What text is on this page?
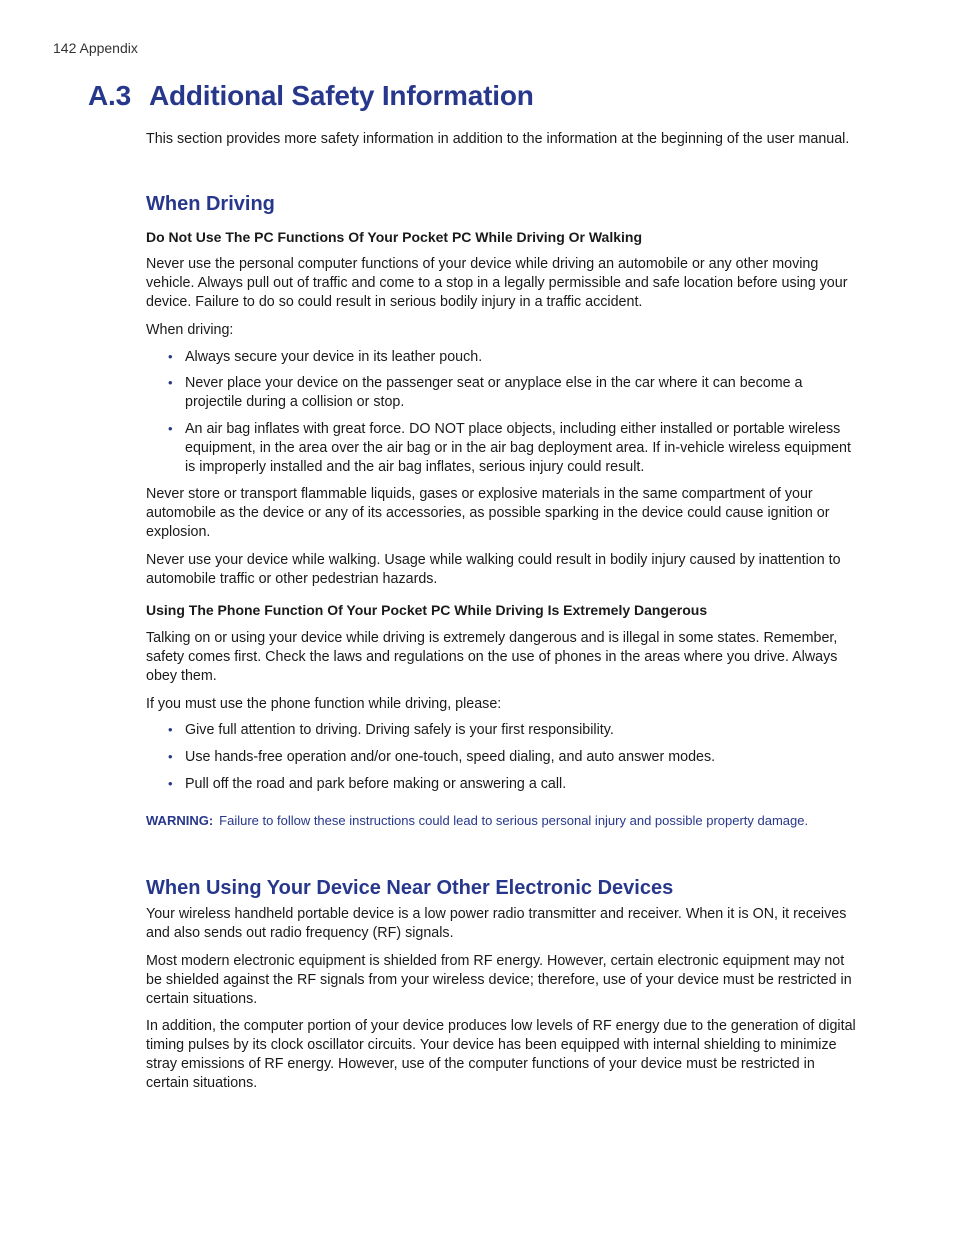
142 Appendix
A.3 Additional Safety Information

This section provides more safety information in addition to the information at the beginning of the user manual.

When Driving

Do Not Use The PC Functions Of Your Pocket PC While Driving Or Walking

Never use the personal computer functions of your device while driving an automobile or any other moving vehicle. Always pull out of traffic and come to a stop in a legally permissible and safe location before using your device. Failure to do so could result in serious bodily injury in a traffic accident.

When driving:

• Always secure your device in its leather pouch.
• Never place your device on the passenger seat or anyplace else in the car where it can become a projectile during a collision or stop.
• An air bag inflates with great force. DO NOT place objects, including either installed or portable wireless equipment, in the area over the air bag or in the air bag deployment area. If in-vehicle wireless equipment is improperly installed and the air bag inflates, serious injury could result.

Never store or transport flammable liquids, gases or explosive materials in the same compartment of your automobile as the device or any of its accessories, as possible sparking in the device could cause ignition or explosion.

Never use your device while walking. Usage while walking could result in bodily injury caused by inattention to automobile traffic or other pedestrian hazards.

Using The Phone Function Of Your Pocket PC While Driving Is Extremely Dangerous

Talking on or using your device while driving is extremely dangerous and is illegal in some states. Remember, safety comes first. Check the laws and regulations on the use of phones in the areas where you drive. Always obey them.

If you must use the phone function while driving, please:

• Give full attention to driving. Driving safely is your first responsibility.
• Use hands-free operation and/or one-touch, speed dialing, and auto answer modes.
• Pull off the road and park before making or answering a call.

WARNING: Failure to follow these instructions could lead to serious personal injury and possible property damage.

When Using Your Device Near Other Electronic Devices

Your wireless handheld portable device is a low power radio transmitter and receiver. When it is ON, it receives and also sends out radio frequency (RF) signals.

Most modern electronic equipment is shielded from RF energy. However, certain electronic equipment may not be shielded against the RF signals from your wireless device; therefore, use of your device must be restricted in certain situations.

In addition, the computer portion of your device produces low levels of RF energy due to the generation of digital timing pulses by its clock oscillator circuits. Your device has been equipped with internal shielding to minimize stray emissions of RF energy. However, use of the computer functions of your device must be restricted in certain situations.
